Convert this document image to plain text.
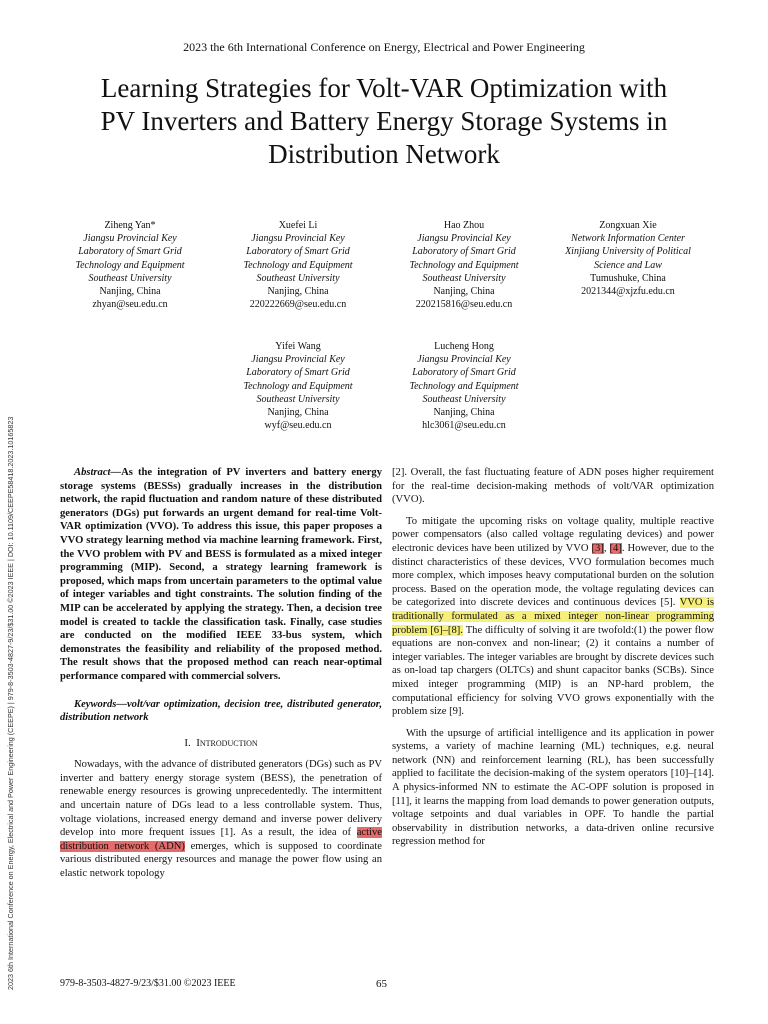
2023 the 6th International Conference on Energy, Electrical and Power Engineering
Learning Strategies for Volt-VAR Optimization with
PV Inverters and Battery Energy Storage Systems in
Distribution Network
2023 6th International Conference on Energy, Electrical and Power Engineering (CEEPE) | 979-8-3503-4827-9/23/$31.00 ©2023 IEEE | DOI: 10.1109/CEEPE58418.2023.10165823
Ziheng Yan*
Jiangsu Provincial Key
Laboratory of Smart Grid
Technology and Equipment
Southeast University
Nanjing, China
zhyan@seu.edu.cn
Xuefei Li
Jiangsu Provincial Key
Laboratory of Smart Grid
Technology and Equipment
Southeast University
Nanjing, China
220222669@seu.edu.cn
Hao Zhou
Jiangsu Provincial Key
Laboratory of Smart Grid
Technology and Equipment
Southeast University
Nanjing, China
220215816@seu.edu.cn
Zongxuan Xie
Network Information Center
Xinjiang University of Political
Science and Law
Tumushuke, China
2021344@xjzfu.edu.cn
Yifei Wang
Jiangsu Provincial Key
Laboratory of Smart Grid
Technology and Equipment
Southeast University
Nanjing, China
wyf@seu.edu.cn
Lucheng Hong
Jiangsu Provincial Key
Laboratory of Smart Grid
Technology and Equipment
Southeast University
Nanjing, China
hlc3061@seu.edu.cn

Abstract—As the integration of PV inverters and battery energy storage systems (BESSs) gradually increases in the distribution network, the rapid fluctuation and random nature of these distributed generators (DGs) put forwards an urgent demand for real-time Volt-VAR optimization (VVO). To address this issue, this paper proposes a VVO strategy learning method via machine learning framework. First, the VVO problem with PV and BESS is formulated as a mixed integer programming (MIP). Second, a strategy learning framework is proposed, which maps from uncertain parameters to the optimal value of integer variables and tight constraints. The solution finding of the MIP can be accelerated by applying the strategy. Then, a decision tree model is created to tackle the classification task. Finally, case studies are conducted on the modified IEEE 33-bus system, which demonstrates the feasibility and reliability of the proposed method. The result shows that the proposed method can reach near-optimal performance compared with commercial solvers.

Keywords—volt/var optimization, decision tree, distributed generator, distribution network

I. Introduction

Nowadays, with the advance of distributed generators (DGs) such as PV inverter and battery energy storage system (BESS), the penetration of renewable energy resources is growing unprecedentedly. The intermittent and uncertain nature of DGs lead to a less controllable system. Thus, voltage violations, increased energy demand and inverse power delivery develop into more frequent issues [1]. As a result, the idea of active distribution network (ADN) emerges, which is supposed to coordinate various distributed energy resources and manage the power flow using an elastic network topology

[2]. Overall, the fast fluctuating feature of ADN poses higher requirement for the real-time decision-making methods of volt/VAR optimization (VVO).

To mitigate the upcoming risks on voltage quality, multiple reactive power compensators (also called voltage regulating devices) and power electronic devices have been utilized by VVO [3], [4]. However, due to the distinct characteristics of these devices, VVO formulation becomes much more complex, which imposes heavy computational burden on the solution process. Based on the operation mode, the voltage regulating devices can be categorized into discrete devices and continuous devices [5]. VVO is traditionally formulated as a mixed integer non-linear programming problem [6]–[8]. The difficulty of solving it are twofold:(1) the power flow equations are non-convex and non-linear; (2) it contains a number of integer variables. The integer variables are brought by discrete devices such as on-load tap chargers (OLTCs) and shunt capacitor banks (SCBs). Since mixed integer programming (MIP) is an NP-hard problem, the computational efficiency for solving VVO grows exponentially with the problem size [9].

With the upsurge of artificial intelligence and its application in power systems, a variety of machine learning (ML) techniques, e.g. neural network (NN) and reinforcement learning (RL), has been successfully applied to facilitate the decision-making of the system operators [10]–[14]. A physics-informed NN to estimate the AC-OPF solution is proposed in [11], it learns the mapping from load demands to power generation outputs, voltage setpoints and dual variables in OPF. To handle the partial observability in distribution networks, a data-driven online recursive regression method for

979-8-3503-4827-9/23/$31.00 ©2023 IEEE	65
